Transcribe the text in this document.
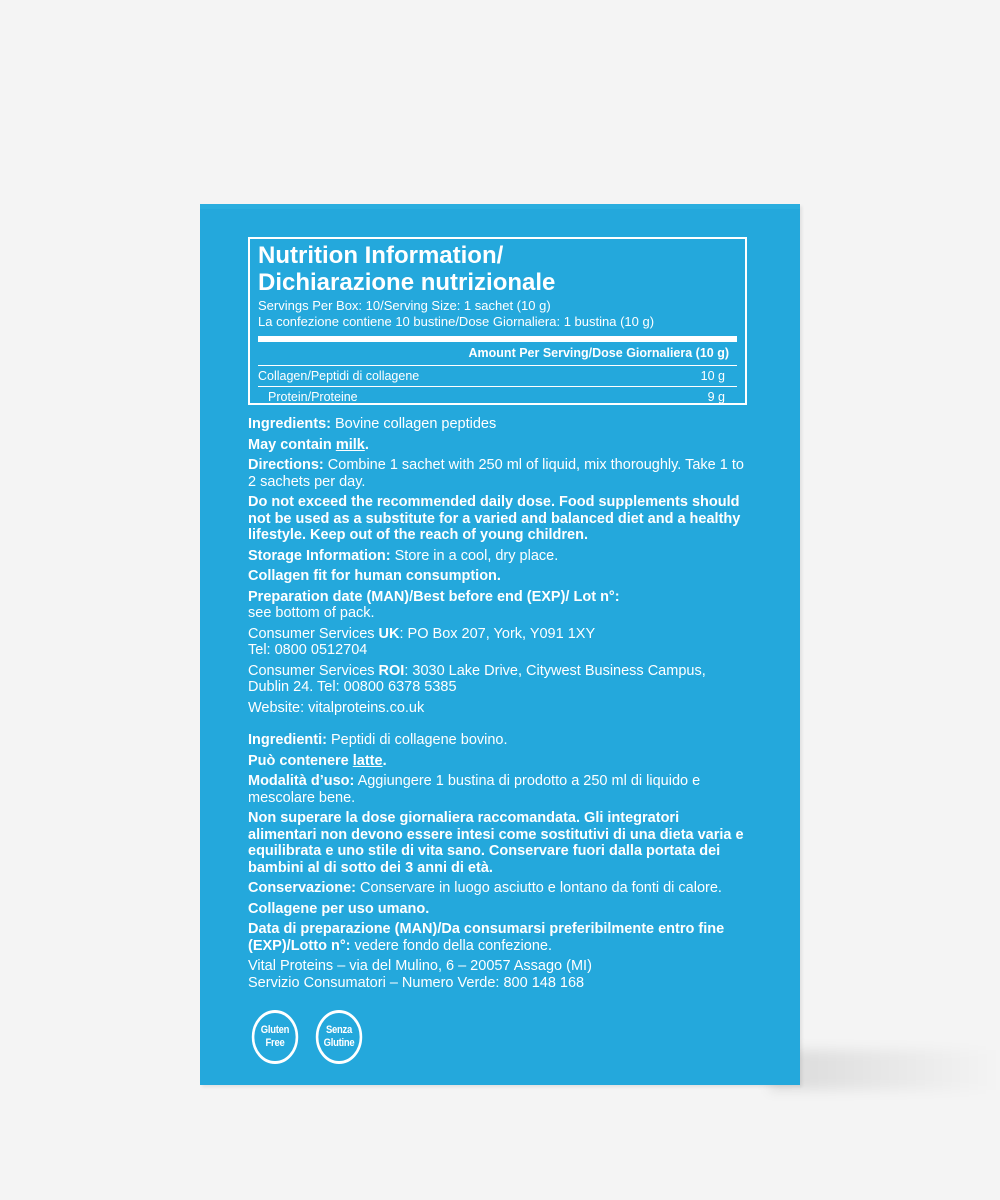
Nutrition Information/
Dichiarazione nutrizionale
Servings Per Box: 10/Serving Size: 1 sachet (10 g)
La confezione contiene 10 bustine/Dose Giornaliera: 1 bustina (10 g)
Amount Per Serving/Dose Giornaliera (10 g)
Collagen/Peptidi di collagene	10 g
Protein/Proteine	9 g

Ingredients: Bovine collagen peptides

May contain milk.

Directions: Combine 1 sachet with 250 ml of liquid, mix thoroughly. Take 1 to 2 sachets per day.

Do not exceed the recommended daily dose. Food supplements should not be used as a substitute for a varied and balanced diet and a healthy lifestyle. Keep out of the reach of young children.

Storage Information: Store in a cool, dry place.

Collagen fit for human consumption.

Preparation date (MAN)/Best before end (EXP)/ Lot n°:
see bottom of pack.

Consumer Services UK: PO Box 207, York, Y091 1XY
Tel: 0800 0512704

Consumer Services ROI: 3030 Lake Drive, Citywest Business Campus, Dublin 24. Tel: 00800 6378 5385

Website: vitalproteins.co.uk

Ingredienti: Peptidi di collagene bovino.

Può contenere latte.

Modalità d’uso: Aggiungere 1 bustina di prodotto a 250 ml di liquido e mescolare bene.

Non superare la dose giornaliera raccomandata. Gli integratori alimentari non devono essere intesi come sostitutivi di una dieta varia e equilibrata e uno stile di vita sano. Conservare fuori dalla portata dei bambini al di sotto dei 3 anni di età.

Conservazione: Conservare in luogo asciutto e lontano da fonti di calore.

Collagene per uso umano.

Data di preparazione (MAN)/Da consumarsi preferibilmente entro fine (EXP)/Lotto n°: vedere fondo della confezione.

Vital Proteins – via del Mulino, 6 – 20057 Assago (MI)

Servizio Consumatori – Numero Verde: 800 148 168

Gluten
Free
Senza
Glutine
